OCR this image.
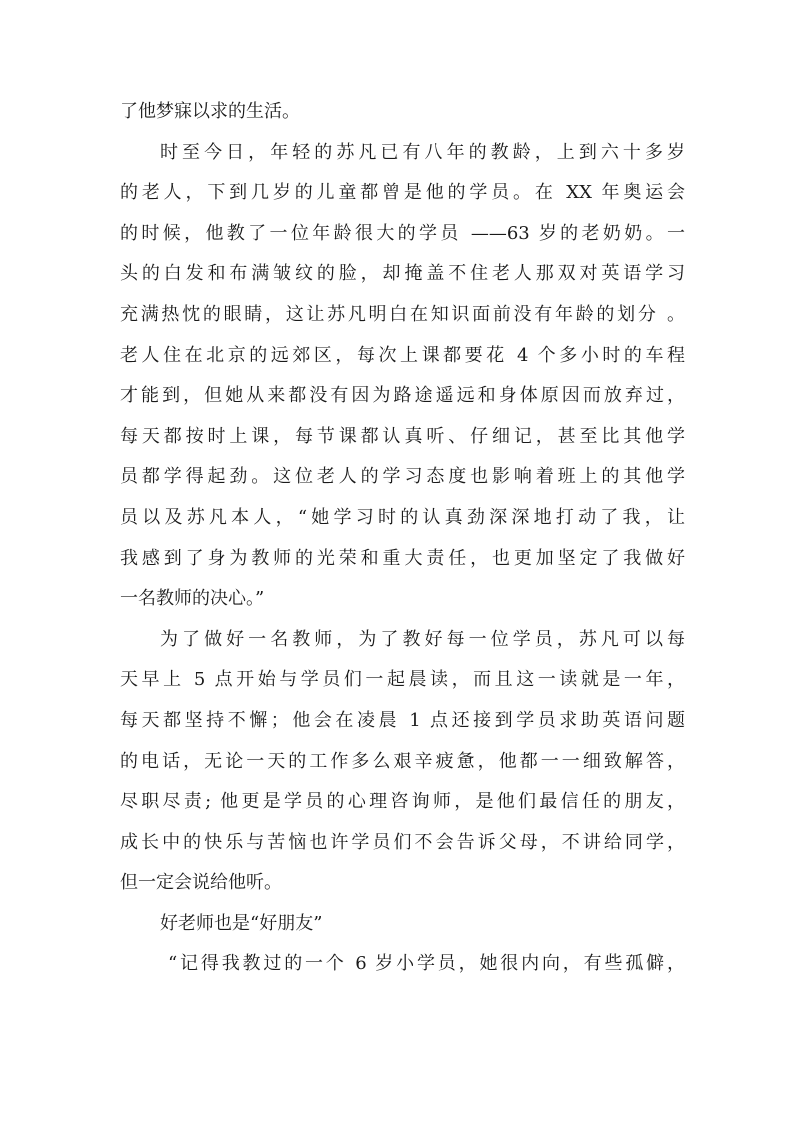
了他梦寐以求的生活。
时至今日，年轻的苏凡已有八年的教龄，上到六十多岁
的老人，下到几岁的儿童都曾是他的学员。在 XX 年奥运会
的时候，他教了一位年龄很大的学员 ——63 岁的老奶奶。一
头的白发和布满皱纹的脸，却掩盖不住老人那双对英语学习
充满热忱的眼睛，这让苏凡明白在知识面前没有年龄的划分 。
老人住在北京的远郊区，每次上课都要花 4 个多小时的车程
才能到，但她从来都没有因为路途遥远和身体原因而放弃过，
每天都按时上课，每节课都认真听、仔细记，甚至比其他学
员都学得起劲。这位老人的学习态度也影响着班上的其他学
员以及苏凡本人，“她学习时的认真劲深深地打动了我，让
我感到了身为教师的光荣和重大责任，也更加坚定了我做好
一名教师的决心。”
为了做好一名教师，为了教好每一位学员，苏凡可以每
天早上 5 点开始与学员们一起晨读，而且这一读就是一年，
每天都坚持不懈；他会在凌晨 1 点还接到学员求助英语问题
的电话，无论一天的工作多么艰辛疲惫，他都一一细致解答，
尽职尽责; 他更是学员的心理咨询师，是他们最信任的朋友，
成长中的快乐与苦恼也许学员们不会告诉父母，不讲给同学，
但一定会说给他听。
好老师也是“好朋友”
“记得我教过的一个 6 岁小学员，她很内向，有些孤僻，
